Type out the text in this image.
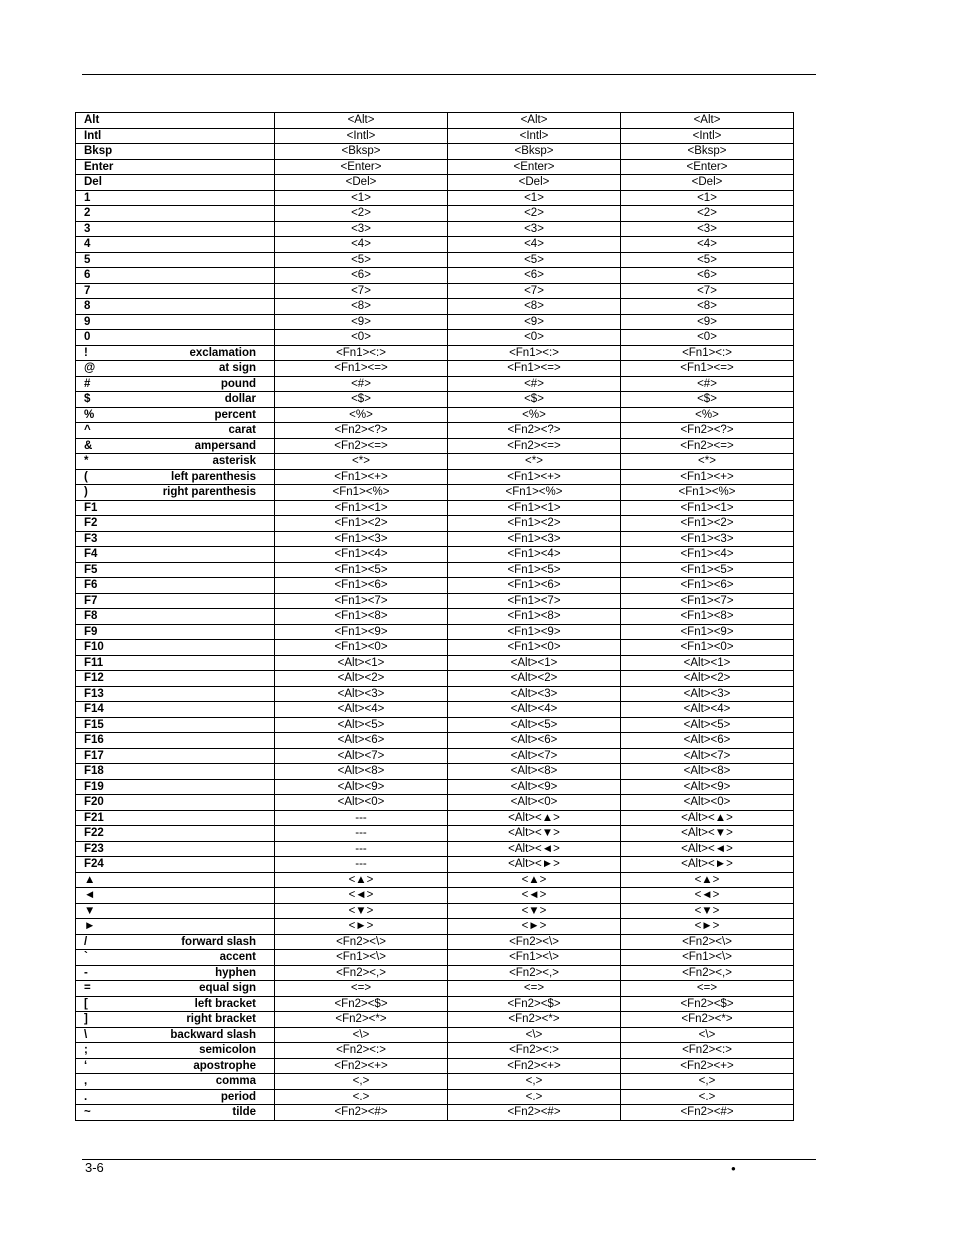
Alt	<Alt>	<Alt>	<Alt>

Intl	<Intl>	<Intl>	<Intl>

Bksp	<Bksp>	<Bksp>	<Bksp>

Enter	<Enter>	<Enter>	<Enter>

Del	<Del>	<Del>	<Del>

1	<1>	<1>	<1>

2	<2>	<2>	<2>

3	<3>	<3>	<3>

4	<4>	<4>	<4>

5	<5>	<5>	<5>

6	<6>	<6>	<6>

7	<7>	<7>	<7>

8	<8>	<8>	<8>

9	<9>	<9>	<9>

0	<0>	<0>	<0>

! exclamation	<Fn1><:>	<Fn1><:>	<Fn1><:>

@ at sign	<Fn1><=>	<Fn1><=>	<Fn1><=>

# pound	<#>	<#>	<#>

$ dollar	<$>	<$>	<$>

% percent	<%>	<%>	<%>

^ carat	<Fn2><?>	<Fn2><?>	<Fn2><?>

& ampersand	<Fn2><=>	<Fn2><=>	<Fn2><=>

* asterisk	<*>	<*>	<*>

( left parenthesis	<Fn1><+>	<Fn1><+>	<Fn1><+>

) right parenthesis	<Fn1><%>	<Fn1><%>	<Fn1><%>

F1	<Fn1><1>	<Fn1><1>	<Fn1><1>

F2	<Fn1><2>	<Fn1><2>	<Fn1><2>

F3	<Fn1><3>	<Fn1><3>	<Fn1><3>

F4	<Fn1><4>	<Fn1><4>	<Fn1><4>

F5	<Fn1><5>	<Fn1><5>	<Fn1><5>

F6	<Fn1><6>	<Fn1><6>	<Fn1><6>

F7	<Fn1><7>	<Fn1><7>	<Fn1><7>

F8	<Fn1><8>	<Fn1><8>	<Fn1><8>

F9	<Fn1><9>	<Fn1><9>	<Fn1><9>

F10	<Fn1><0>	<Fn1><0>	<Fn1><0>

F11	<Alt><1>	<Alt><1>	<Alt><1>

F12	<Alt><2>	<Alt><2>	<Alt><2>

F13	<Alt><3>	<Alt><3>	<Alt><3>

F14	<Alt><4>	<Alt><4>	<Alt><4>

F15	<Alt><5>	<Alt><5>	<Alt><5>

F16	<Alt><6>	<Alt><6>	<Alt><6>

F17	<Alt><7>	<Alt><7>	<Alt><7>

F18	<Alt><8>	<Alt><8>	<Alt><8>

F19	<Alt><9>	<Alt><9>	<Alt><9>

F20	<Alt><0>	<Alt><0>	<Alt><0>

F21	---	<Alt><▲>	<Alt><▲>

F22	---	<Alt><▼>	<Alt><▼>

F23	---	<Alt><◄>	<Alt><◄>

F24	---	<Alt><►>	<Alt><►>

▲	<▲>	<▲>	<▲>

◄	<◄>	<◄>	<◄>

▼	<▼>	<▼>	<▼>

►	<►>	<►>	<►>

/ forward slash	<Fn2><\>	<Fn2><\>	<Fn2><\>

` accent	<Fn1><\>	<Fn1><\>	<Fn1><\>

- hyphen	<Fn2><,>	<Fn2><,>	<Fn2><,>

= equal sign	<=>	<=>	<=>

[ left bracket	<Fn2><$>	<Fn2><$>	<Fn2><$>

] right bracket	<Fn2><*>	<Fn2><*>	<Fn2><*>

\ backward slash	<\>	<\>	<\>

; semicolon	<Fn2><:>	<Fn2><:>	<Fn2><:>

‘ apostrophe	<Fn2><+>	<Fn2><+>	<Fn2><+>

, comma	<,>	<,>	<,>

. period	<.>	<.>	<.>

~ tilde	<Fn2><#>	<Fn2><#>	<Fn2><#>
3-6	•
